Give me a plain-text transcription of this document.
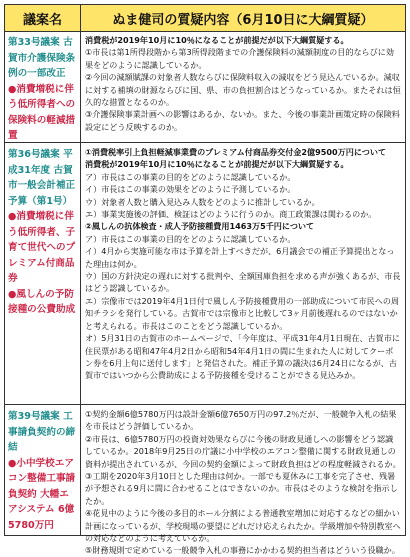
議案名	ぬま健司の質疑内容（6月10日に大綱質疑）
第33号議案 古賀市介護保険条例の一部改正
●消費増税に伴う低所得者への保険料の軽減措置
消費税が2019年10月に10％になることが前提だが以下大綱質疑する。
①市長は第1所得段階から第3所得段階までの介護保険料の減額制度の目的ならびに効果をどのように認識しているか。
②今回の減額賦課の対象者人数ならびに保険料収入の減収をどう見込んでいるか。減収に対する補填の財源ならびに国、県、市の負担割合はどうなっているか。またそれは恒久的な措置となるのか。
③介護保険事業計画への影響はあるか、ないか。また、今後の事業計画策定時の保険料設定にどう反映するのか。
第36号議案 平成31年度 古賀市一般会計補正予算（第1号）
●消費増税に伴う低所得者、子育て世代へのプレミアム付商品券
●風しんの予防接種の公費助成
①消費税率引上負担軽減事業費のプレミアム付商品券交付金2億9500万円について
消費税が2019年10月に10％になることが前提だが以下大綱質疑する。
ア）市長はこの事業の目的をどのように認識しているか。
イ）市長はこの事業の効果をどのように予測しているか。
ウ）対象者人数と購入見込み人数をどのように推計しているか。
エ）事業実施後の評価、検証はどのように行うのか。商工政策課は関わるのか。
②風しんの抗体検査・成人予防接種費用1463万5千円について
ア）市長はこの事業の目的をどのように認識しているか。
イ）4月から実施可能な市は予算を計上すべきだが、6月議会での補正予算提出となった理由は何か。
ウ）国の方針決定の遅れに対する批判や、全額国庫負担を求める声が強くあるが、市長はどう認識しているか。
エ）宗像市では2019年4月1日付で風しん予防接種費用の一部助成について市民への周知チラシを発行している。古賀市では宗像市と比較して3ヶ月前後遅れるのではないかと考えられる。市長はこのことをどう認識しているか。
オ）5月31日の古賀市のホームページで、「今年度は、平成31年4月1日現在、古賀市に住民票がある昭和47年4月2日から昭和54年4月1日の間に生まれた人に対してクーポン券を6月上旬に送付します」と発信された。補正予算の議決は6月24日になるが、古賀市ではいつから公費助成による予防接種を受けることができる見込みか。
第39号議案 工事請負契約の締結
●小中学校エアコン整備工事請負契約 大幡エアシステム 6億5780万円
①契約金額6億5780万円は設計金額6億7650万円の97.2％だが、一般競争入札の結果を市長はどう評価しているか。
②市長は、6億5780万円の投資対効果ならびに今後の財政見通しへの影響をどう認識しているか。2018年9月25日の庁議に小中学校のエアコン整備に関する財政見通しの資料が提出されているが、今回の契約金額によって財政負担はどの程度軽減されるか。
③工期を2020年3月10日とした理由は何か。一部でも夏休みに工事を完了させ、残暑が予想される9月に間に合わせることはできないのか。市長はそのような検討を指示したか。
④花見中のように今後の多目的ホール分割による普通教室増加に対応するなどの細かい計画になっているが、学校現場の要望にどれだけ応えられたか。学級増加や特別教室への対応などのように考えているか。
⑤財務規則で定めている一般競争入札の事務にかかわる契約担当者はどういう役職か。
